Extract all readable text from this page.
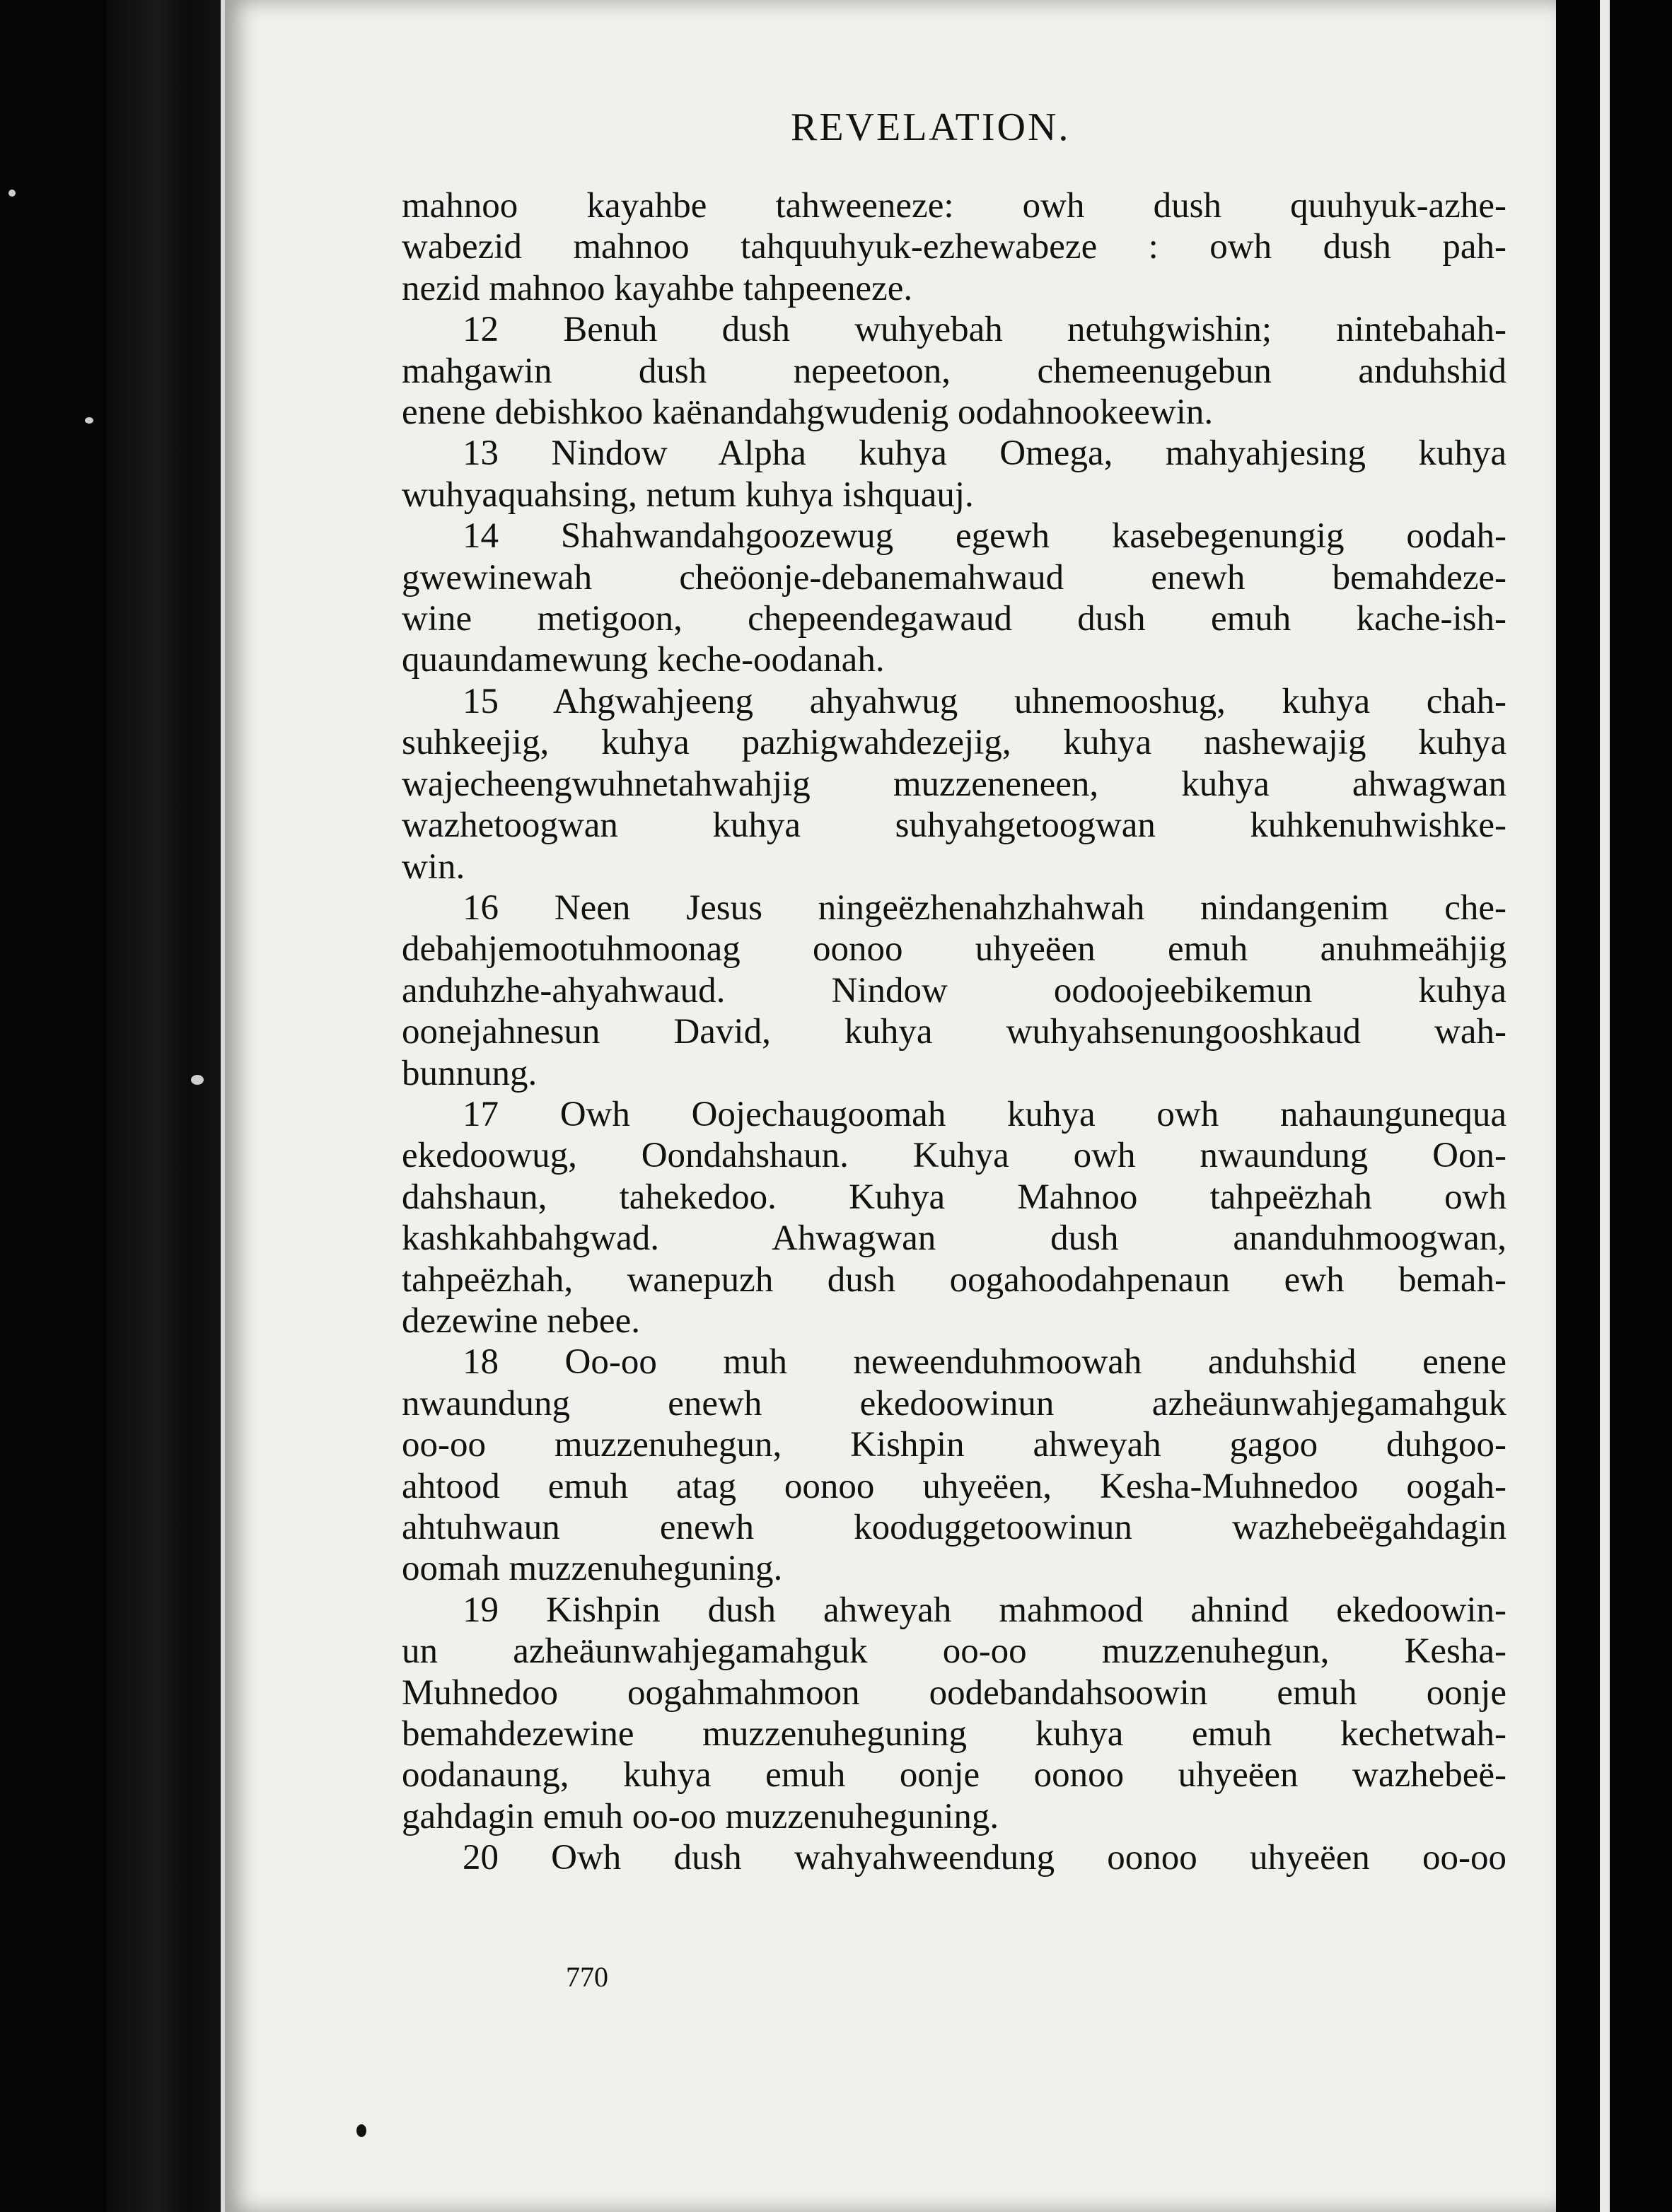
REVELATION.
mahnoo kayahbe tahweeneze: owh dush quuhyuk-azhe-
wabezid mahnoo tahquuhyuk-ezhewabeze : owh dush pah-
nezid mahnoo kayahbe tahpeeneze.
12 Benuh dush wuhyebah netuhgwishin; nintebahah-
mahgawin dush nepeetoon, chemeenugebun anduhshid
enene debishkoo kaënandahgwudenig oodahnookeewin.
13 Nindow Alpha kuhya Omega, mahyahjesing kuhya
wuhyaquahsing, netum kuhya ishquauj.
14 Shahwandahgoozewug egewh kasebegenungig oodah-
gwewinewah cheöonje-debanemahwaud enewh bemahdeze-
wine metigoon, chepeendegawaud dush emuh kache-ish-
quaundamewung keche-oodanah.
15 Ahgwahjeeng ahyahwug uhnemooshug, kuhya chah-
suhkeejig, kuhya pazhigwahdezejig, kuhya nashewajig kuhya
wajecheengwuhnetahwahjig muzzeneneen, kuhya ahwagwan
wazhetoogwan kuhya suhyahgetoogwan kuhkenuhwishke-
win.
16 Neen Jesus ningeëzhenahzhahwah nindangenim che-
debahjemootuhmoonag oonoo uhyeëen emuh anuhmeähjig
anduhzhe-ahyahwaud. Nindow oodoojeebikemun kuhya
oonejahnesun David, kuhya wuhyahsenungooshkaud wah-
bunnung.
17 Owh Oojechaugoomah kuhya owh nahaungunequa
ekedoowug, Oondahshaun. Kuhya owh nwaundung Oon-
dahshaun, tahekedoo. Kuhya Mahnoo tahpeëzhah owh
kashkahbahgwad. Ahwagwan dush ananduhmoogwan,
tahpeëzhah, wanepuzh dush oogahoodahpenaun ewh bemah-
dezewine nebee.
18 Oo-oo muh neweenduhmoowah anduhshid enene
nwaundung enewh ekedoowinun azheäunwahjegamahguk
oo-oo muzzenuhegun, Kishpin ahweyah gagoo duhgoo-
ahtood emuh atag oonoo uhyeëen, Kesha-Muhnedoo oogah-
ahtuhwaun enewh kooduggetoowinun wazhebeëgahdagin
oomah muzzenuheguning.
19 Kishpin dush ahweyah mahmood ahnind ekedoowin-
un azheäunwahjegamahguk oo-oo muzzenuhegun, Kesha-
Muhnedoo oogahmahmoon oodebandahsoowin emuh oonje
bemahdezewine muzzenuheguning kuhya emuh kechetwah-
oodanaung, kuhya emuh oonje oonoo uhyeëen wazhebeë-
gahdagin emuh oo-oo muzzenuheguning.
20 Owh dush wahyahweendung oonoo uhyeëen oo-oo
770
